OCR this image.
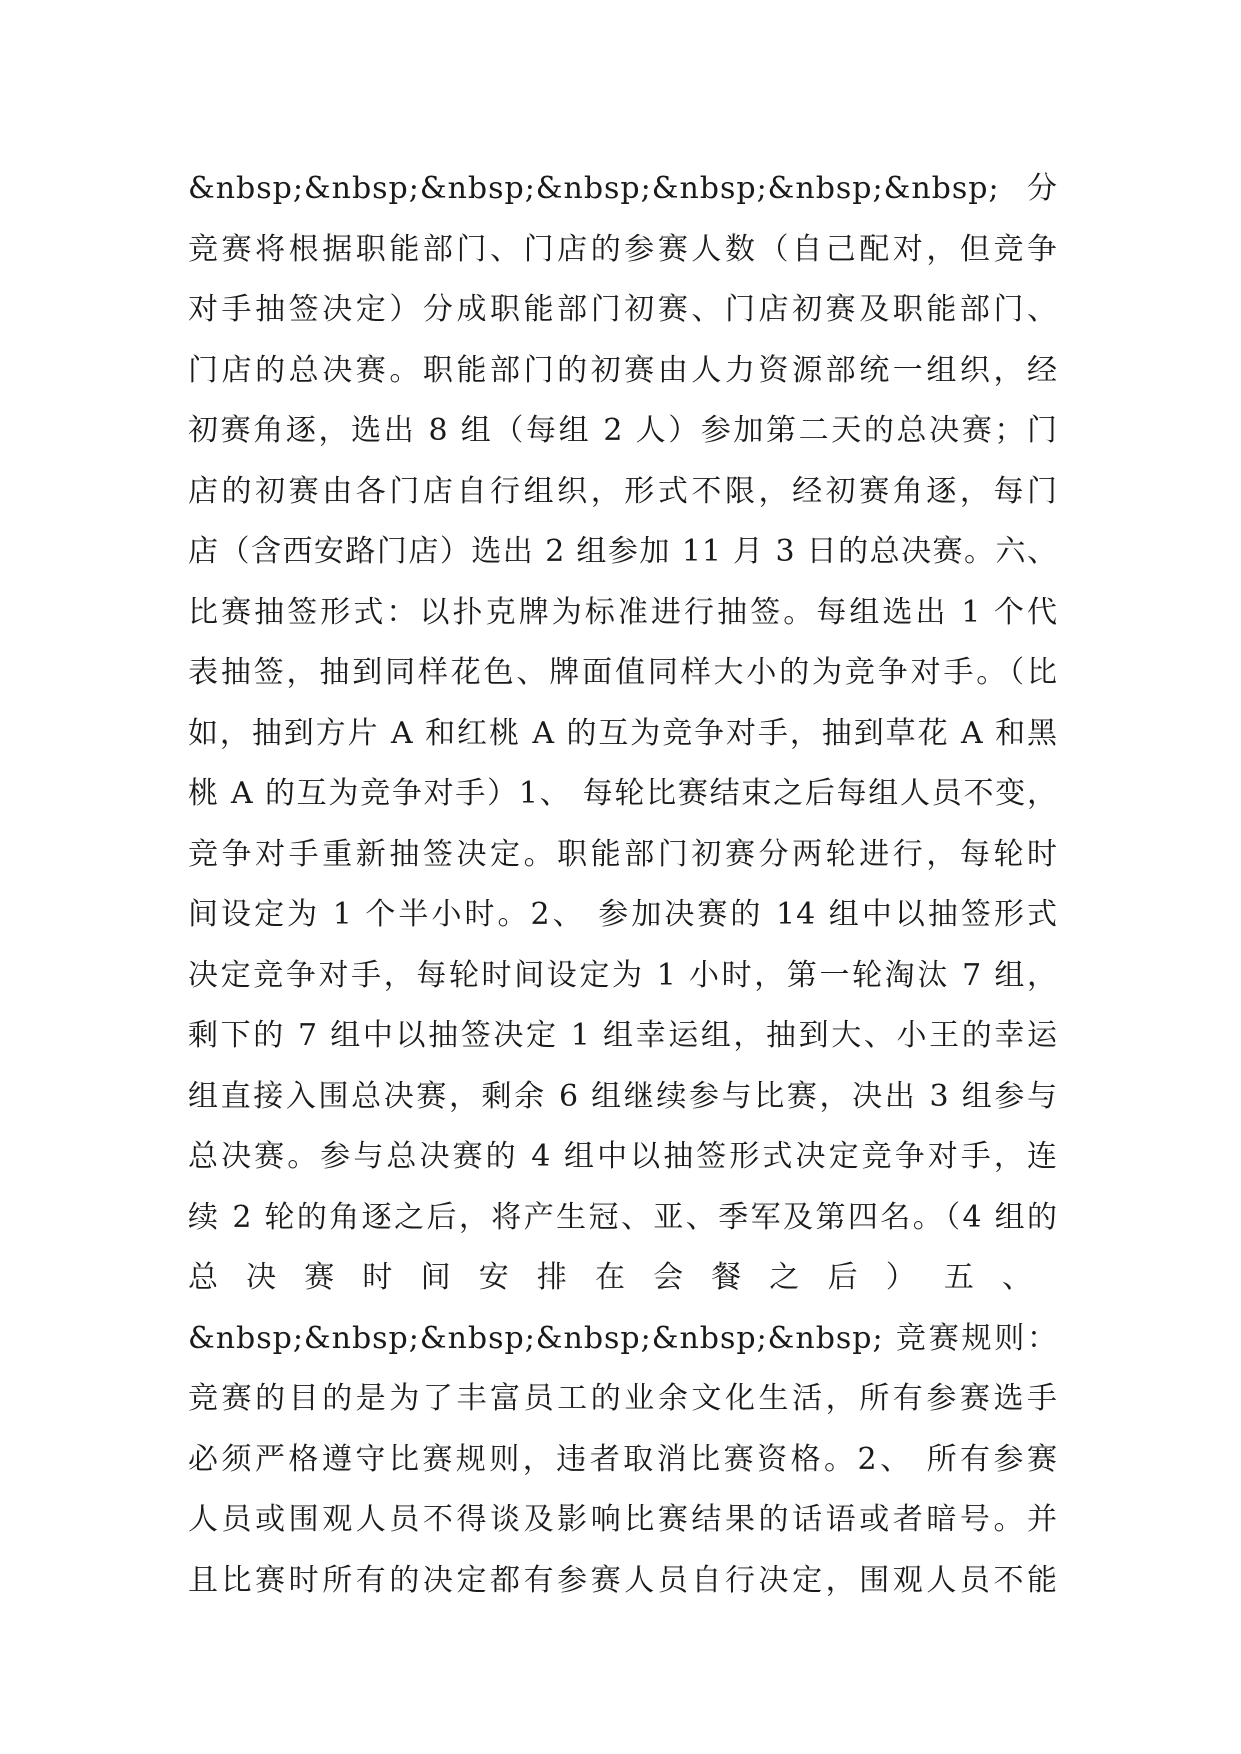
&nbsp;&nbsp;&nbsp;&nbsp;&nbsp;&nbsp;&nbsp; 分
竞赛将根据职能部门、门店的参赛人数（自己配对，但竞争
对手抽签决定）分成职能部门初赛、门店初赛及职能部门、
门店的总决赛。职能部门的初赛由人力资源部统一组织，经
初赛角逐，选出 8 组（每组 2 人）参加第二天的总决赛；门
店的初赛由各门店自行组织，形式不限，经初赛角逐，每门
店（含西安路门店）选出 2 组参加 11 月 3 日的总决赛。六、
比赛抽签形式：以扑克牌为标准进行抽签。每组选出 1 个代
表抽签，抽到同样花色、牌面值同样大小的为竞争对手。（比
如，抽到方片 A 和红桃 A 的互为竞争对手，抽到草花 A 和黑
桃 A 的互为竞争对手）1、 每轮比赛结束之后每组人员不变，
竞争对手重新抽签决定。职能部门初赛分两轮进行，每轮时
间设定为 1 个半小时。2、 参加决赛的 14 组中以抽签形式
决定竞争对手，每轮时间设定为 1 小时，第一轮淘汰 7 组，
剩下的 7 组中以抽签决定 1 组幸运组，抽到大、小王的幸运
组直接入围总决赛，剩余 6 组继续参与比赛，决出 3 组参与
总决赛。参与总决赛的 4 组中以抽签形式决定竞争对手，连
续 2 轮的角逐之后，将产生冠、亚、季军及第四名。（4 组的
总决赛时间安排在会餐之后）五、
&nbsp;&nbsp;&nbsp;&nbsp;&nbsp;&nbsp; 竞赛规则：
竞赛的目的是为了丰富员工的业余文化生活，所有参赛选手
必须严格遵守比赛规则，违者取消比赛资格。2、 所有参赛
人员或围观人员不得谈及影响比赛结果的话语或者暗号。并
且比赛时所有的决定都有参赛人员自行决定，围观人员不能
